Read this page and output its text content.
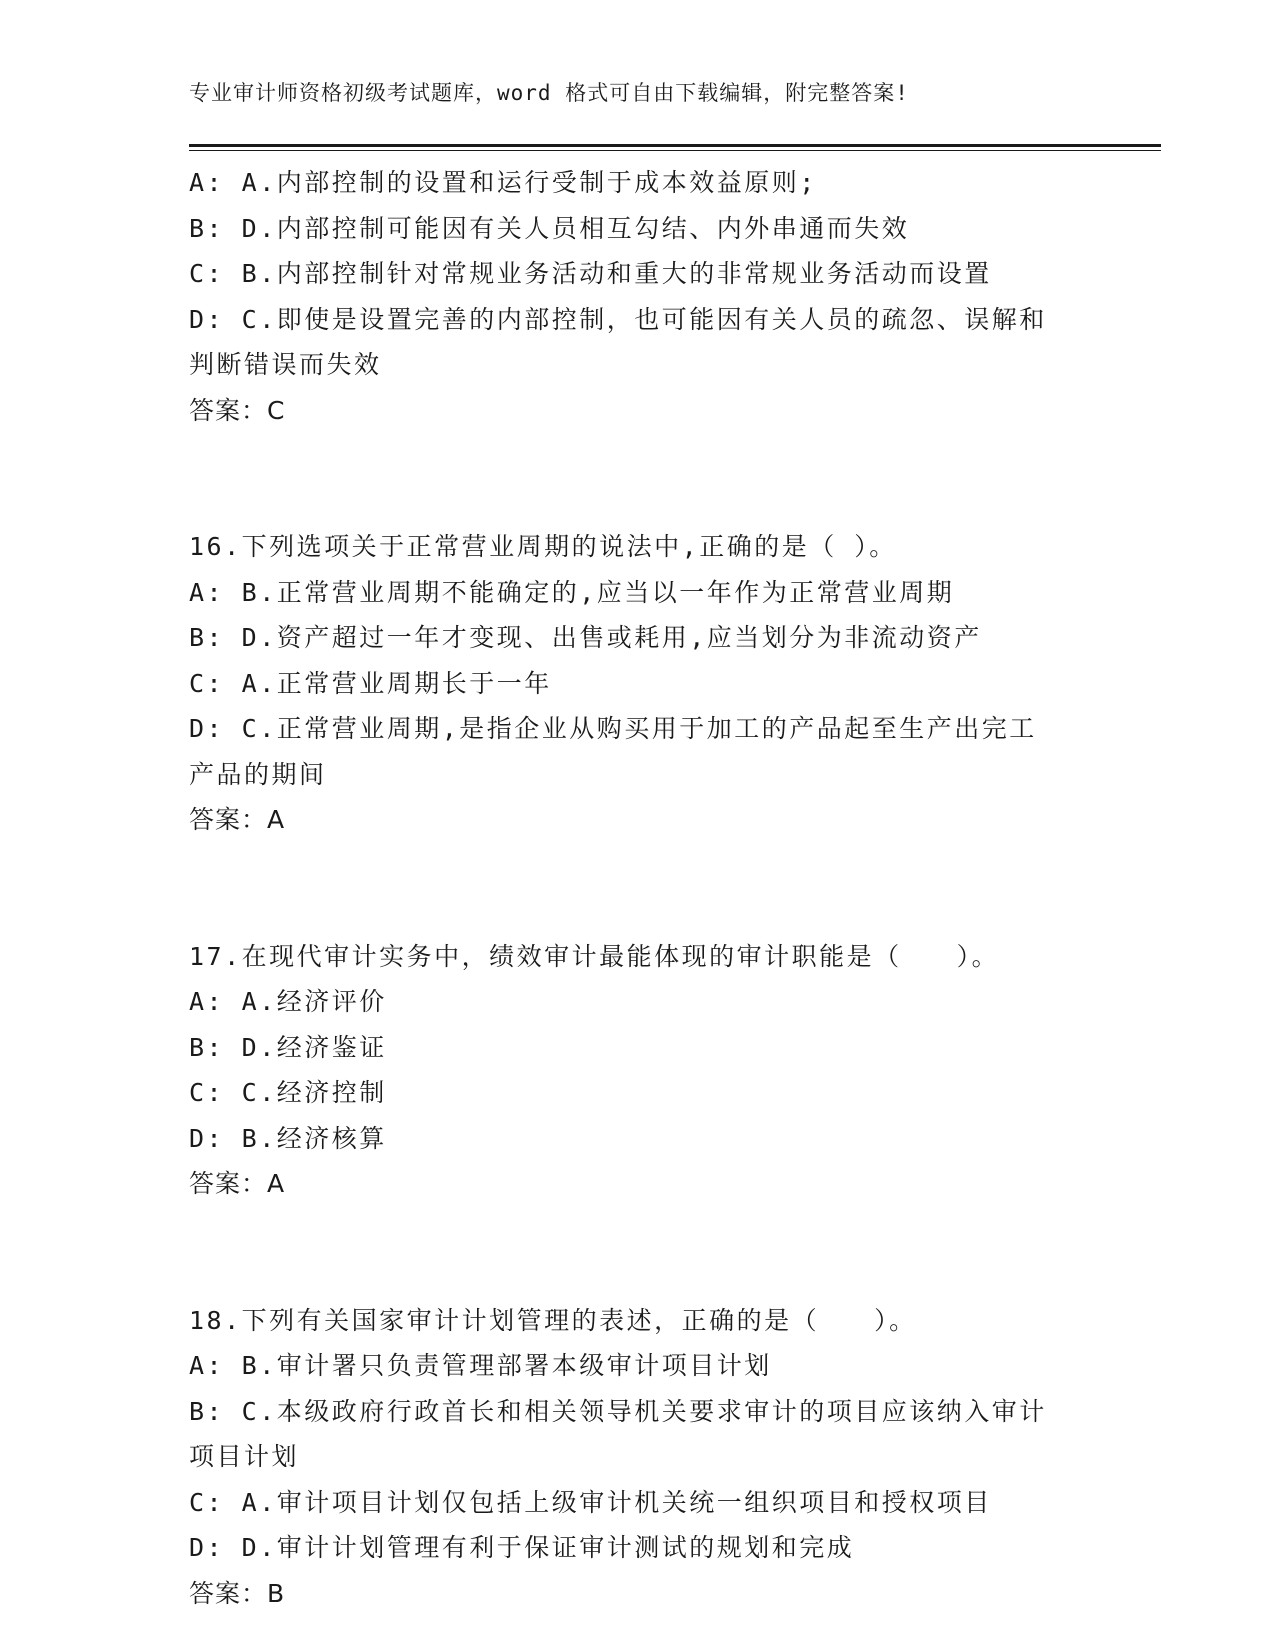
专业审计师资格初级考试题库，word 格式可自由下载编辑，附完整答案!
A: A.内部控制的设置和运行受制于成本效益原则;
B: D.内部控制可能因有关人员相互勾结、内外串通而失效
C: B.内部控制针对常规业务活动和重大的非常规业务活动而设置
D: C.即使是设置完善的内部控制，也可能因有关人员的疏忽、误解和
判断错误而失效
答案：C
16.下列选项关于正常营业周期的说法中,正确的是（ ）。
A: B.正常营业周期不能确定的,应当以一年作为正常营业周期
B: D.资产超过一年才变现、出售或耗用,应当划分为非流动资产
C: A.正常营业周期长于一年
D: C.正常营业周期,是指企业从购买用于加工的产品起至生产出完工
产品的期间
答案：A
17.在现代审计实务中，绩效审计最能体现的审计职能是（　　）。
A: A.经济评价
B: D.经济鉴证
C: C.经济控制
D: B.经济核算
答案：A
18.下列有关国家审计计划管理的表述，正确的是（　　）。
A: B.审计署只负责管理部署本级审计项目计划
B: C.本级政府行政首长和相关领导机关要求审计的项目应该纳入审计
项目计划
C: A.审计项目计划仅包括上级审计机关统一组织项目和授权项目
D: D.审计计划管理有利于保证审计测试的规划和完成
答案：B
